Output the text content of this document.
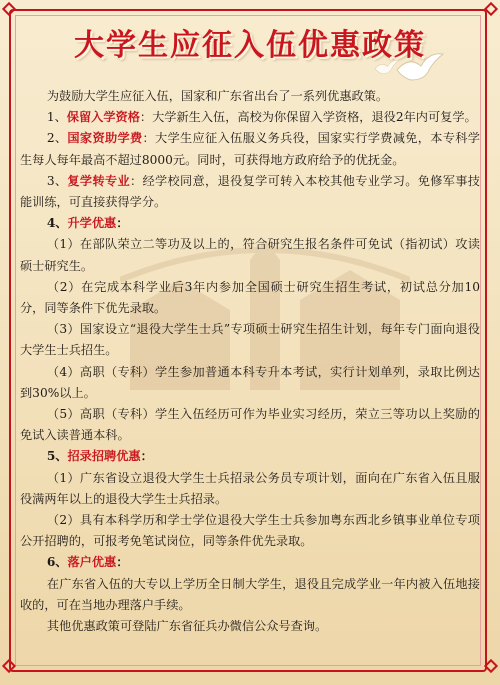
大学生应征入伍优惠政策

为鼓励大学生应征入伍，国家和广东省出台了一系列优惠政策。

1、保留入学资格：大学新生入伍，高校为你保留入学资格，退役2年内可复学。

2、国家资助学费：大学生应征入伍服义务兵役，国家实行学费减免，本专科学生每人每年最高不超过8000元。同时，可获得地方政府给予的优抚金。

3、复学转专业：经学校同意，退役复学可转入本校其他专业学习。免修军事技能训练，可直接获得学分。

4、升学优惠：

（1）在部队荣立二等功及以上的，符合研究生报名条件可免试（指初试）攻读硕士研究生。

（2）在完成本科学业后3年内参加全国硕士研究生招生考试，初试总分加10分，同等条件下优先录取。

（3）国家设立“退役大学生士兵”专项硕士研究生招生计划，每年专门面向退役大学生士兵招生。

（4）高职（专科）学生参加普通本科专升本考试，实行计划单列，录取比例达到30%以上。

（5）高职（专科）学生入伍经历可作为毕业实习经历，荣立三等功以上奖励的免试入读普通本科。

5、招录招聘优惠：

（1）广东省设立退役大学生士兵招录公务员专项计划，面向在广东省入伍且服役满两年以上的退役大学生士兵招录。

（2）具有本科学历和学士学位退役大学生士兵参加粤东西北乡镇事业单位专项公开招聘的，可报考免笔试岗位，同等条件优先录取。

6、落户优惠：

在广东省入伍的大专以上学历全日制大学生，退役且完成学业一年内被入伍地接收的，可在当地办理落户手续。

其他优惠政策可登陆广东省征兵办微信公众号查询。
